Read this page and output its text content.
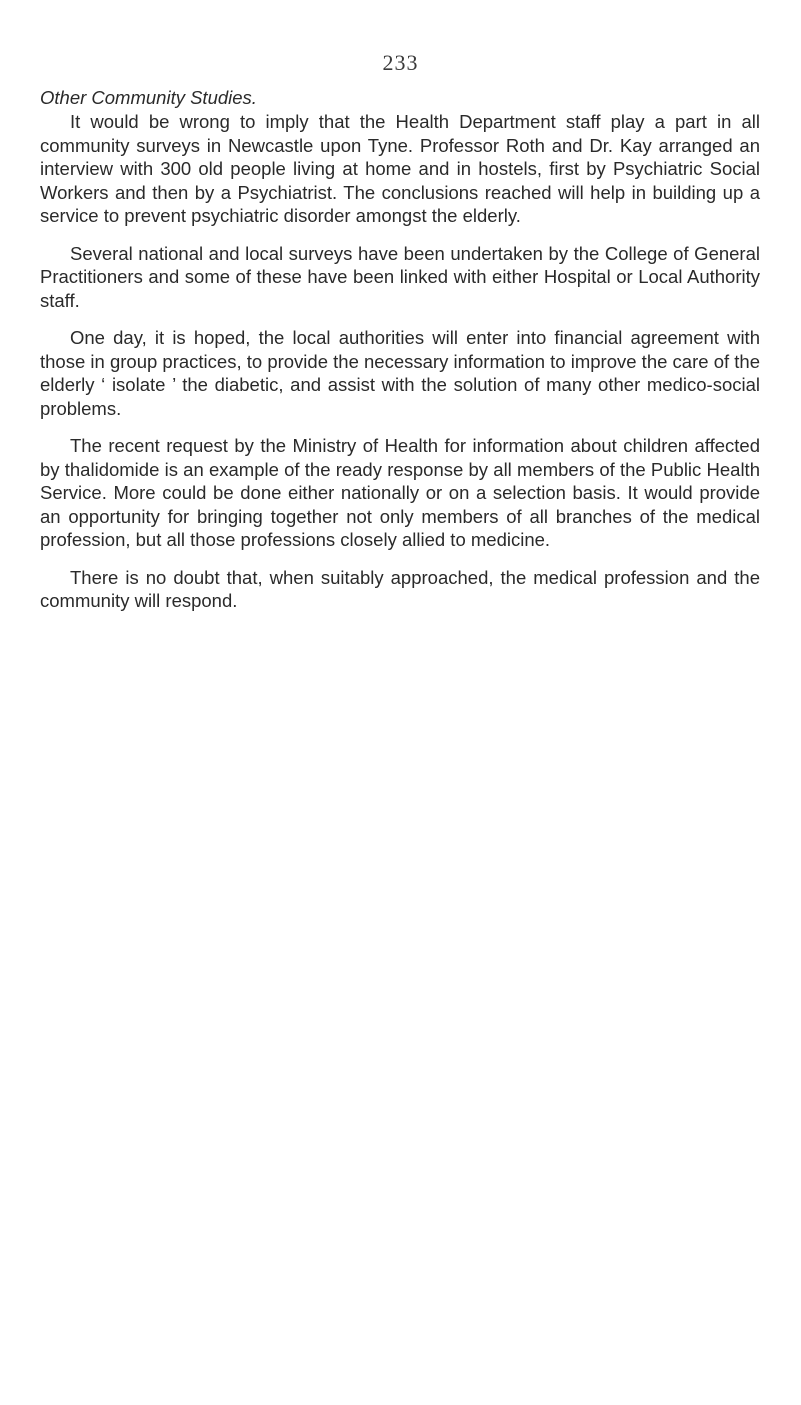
233
Other Community Studies.

It would be wrong to imply that the Health Department staff play a part in all community surveys in Newcastle upon Tyne. Professor Roth and Dr. Kay arranged an interview with 300 old people living at home and in hostels, first by Psychiatric Social Workers and then by a Psychiatrist. The conclusions reached will help in building up a service to prevent psychiatric disorder amongst the elderly.

Several national and local surveys have been undertaken by the College of General Practitioners and some of these have been linked with either Hospital or Local Authority staff.

One day, it is hoped, the local authorities will enter into financial agreement with those in group practices, to provide the necessary information to improve the care of the elderly ‘ isolate ’ the diabetic, and assist with the solution of many other medico-social problems.

The recent request by the Ministry of Health for information about children affected by thalidomide is an example of the ready response by all members of the Public Health Service. More could be done either nationally or on a selection basis. It would provide an opportunity for bringing together not only members of all branches of the medical profession, but all those professions closely allied to medicine.

There is no doubt that, when suitably approached, the medical profession and the community will respond.
